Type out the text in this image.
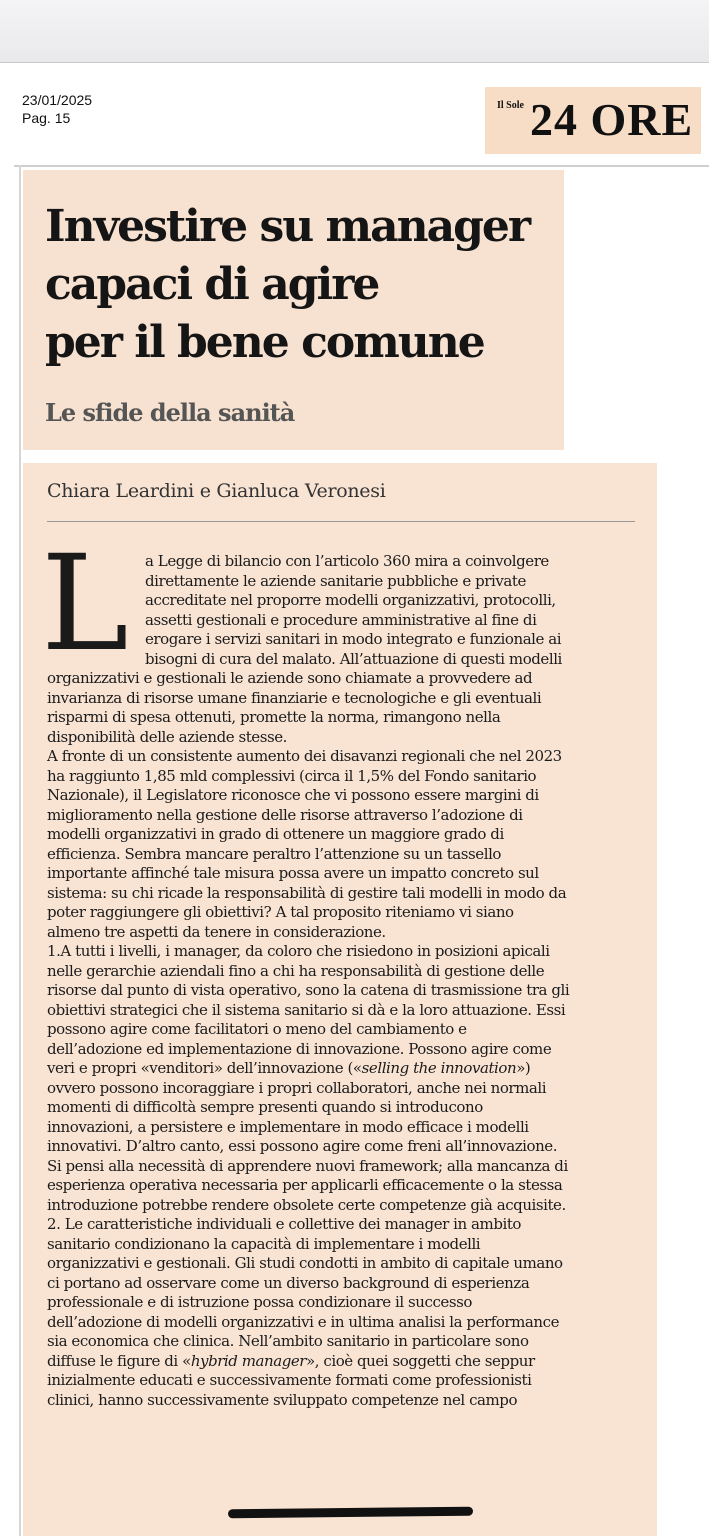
23/01/2025
Pag. 15
Il Sole 24 ORE
Investire su manager
capaci di agire
per il bene comune
Le sfide della sanità
Chiara Leardini e Gianluca Veronesi
L a Legge di bilancio con l’articolo 360 mira a coinvolgere
direttamente le aziende sanitarie pubbliche e private
accreditate nel proporre modelli organizzativi, protocolli,
assetti gestionali e procedure amministrative al fine di
erogare i servizi sanitari in modo integrato e funzionale ai
bisogni di cura del malato. All’attuazione di questi modelli
organizzativi e gestionali le aziende sono chiamate a provvedere ad
invarianza di risorse umane finanziarie e tecnologiche e gli eventuali
risparmi di spesa ottenuti, promette la norma, rimangono nella
disponibilità delle aziende stesse.
A fronte di un consistente aumento dei disavanzi regionali che nel 2023
ha raggiunto 1,85 mld complessivi (circa il 1,5% del Fondo sanitario
Nazionale), il Legislatore riconosce che vi possono essere margini di
miglioramento nella gestione delle risorse attraverso l’adozione di
modelli organizzativi in grado di ottenere un maggiore grado di
efficienza. Sembra mancare peraltro l’attenzione su un tassello
importante affinché tale misura possa avere un impatto concreto sul
sistema: su chi ricade la responsabilità di gestire tali modelli in modo da
poter raggiungere gli obiettivi? A tal proposito riteniamo vi siano
almeno tre aspetti da tenere in considerazione.
1.A tutti i livelli, i manager, da coloro che risiedono in posizioni apicali
nelle gerarchie aziendali fino a chi ha responsabilità di gestione delle
risorse dal punto di vista operativo, sono la catena di trasmissione tra gli
obiettivi strategici che il sistema sanitario si dà e la loro attuazione. Essi
possono agire come facilitatori o meno del cambiamento e
dell’adozione ed implementazione di innovazione. Possono agire come
veri e propri «venditori» dell’innovazione («selling the innovation»)
ovvero possono incoraggiare i propri collaboratori, anche nei normali
momenti di difficoltà sempre presenti quando si introducono
innovazioni, a persistere e implementare in modo efficace i modelli
innovativi. D’altro canto, essi possono agire come freni all’innovazione.
Si pensi alla necessità di apprendere nuovi framework; alla mancanza di
esperienza operativa necessaria per applicarli efficacemente o la stessa
introduzione potrebbe rendere obsolete certe competenze già acquisite.
2. Le caratteristiche individuali e collettive dei manager in ambito
sanitario condizionano la capacità di implementare i modelli
organizzativi e gestionali. Gli studi condotti in ambito di capitale umano
ci portano ad osservare come un diverso background di esperienza
professionale e di istruzione possa condizionare il successo
dell’adozione di modelli organizzativi e in ultima analisi la performance
sia economica che clinica. Nell’ambito sanitario in particolare sono
diffuse le figure di «hybrid manager», cioè quei soggetti che seppur
inizialmente educati e successivamente formati come professionisti
clinici, hanno successivamente sviluppato competenze nel campo
